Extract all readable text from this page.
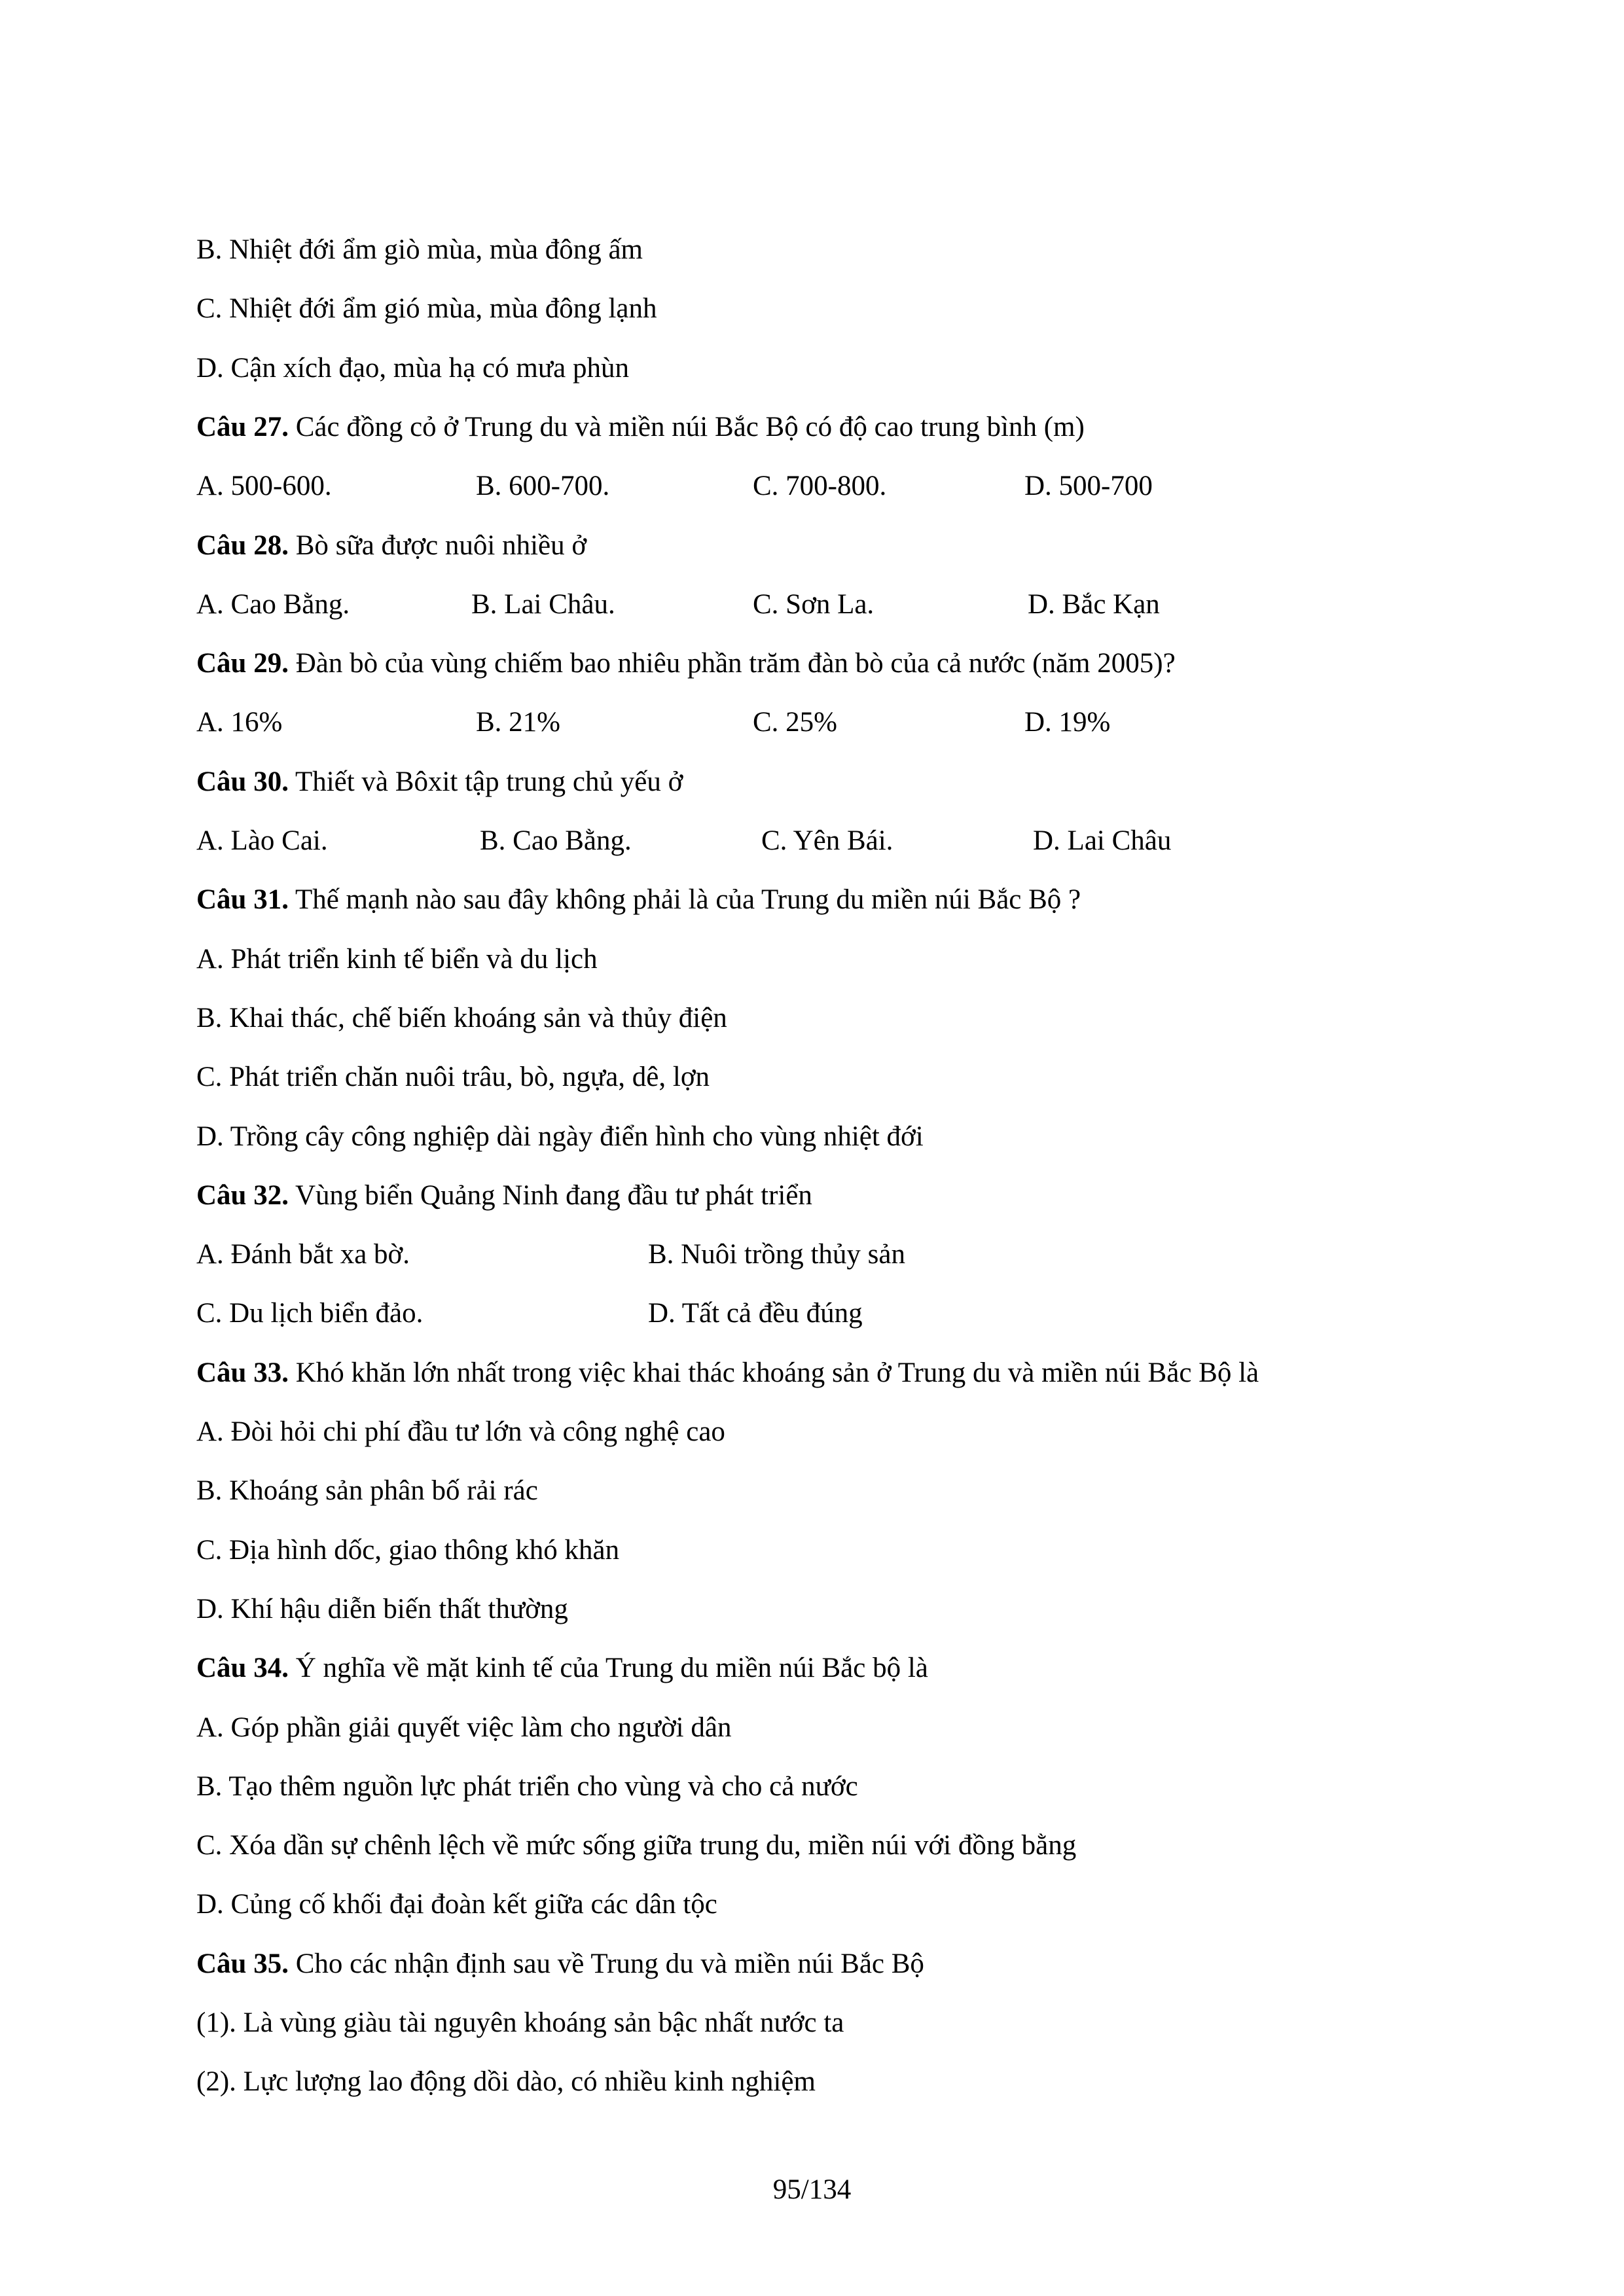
B. Nhiệt đới ẩm giò mùa, mùa đông ấm
C. Nhiệt đới ẩm gió mùa, mùa đông lạnh
D. Cận xích đạo, mùa hạ có mưa phùn
Câu 27. Các đồng cỏ ở Trung du và miền núi Bắc Bộ có độ cao trung bình (m)
A. 500-600.	B. 600-700.	C. 700-800.	D. 500-700
Câu 28. Bò sữa được nuôi nhiều ở
A. Cao Bằng.	B. Lai Châu.	C. Sơn La.	D. Bắc Kạn
Câu 29. Đàn bò của vùng chiếm bao nhiêu phần trăm đàn bò của cả nước (năm 2005)?
A. 16%	B. 21%	C. 25%	D. 19%
Câu 30. Thiết và Bôxit tập trung chủ yếu ở
A. Lào Cai.	B. Cao Bằng.	C. Yên Bái.	D. Lai Châu
Câu 31. Thế mạnh nào sau đây không phải là của Trung du miền núi Bắc Bộ ?
A. Phát triển kinh tế biển và du lịch
B. Khai thác, chế biến khoáng sản và thủy điện
C. Phát triển chăn nuôi trâu, bò, ngựa, dê, lợn
D. Trồng cây công nghiệp dài ngày điển hình cho vùng nhiệt đới
Câu 32. Vùng biển Quảng Ninh đang đầu tư phát triển
A. Đánh bắt xa bờ.	B. Nuôi trồng thủy sản
C. Du lịch biển đảo.	D. Tất cả đều đúng
Câu 33. Khó khăn lớn nhất trong việc khai thác khoáng sản ở Trung du và miền núi Bắc Bộ là
A. Đòi hỏi chi phí đầu tư lớn và công nghệ cao
B. Khoáng sản phân bố rải rác
C. Địa hình dốc, giao thông khó khăn
D. Khí hậu diễn biến thất thường
Câu 34. Ý nghĩa về mặt kinh tế của Trung du miền núi Bắc bộ là
A. Góp phần giải quyết việc làm cho người dân
B. Tạo thêm nguồn lực phát triển cho vùng và cho cả nước
C. Xóa dần sự chênh lệch về mức sống giữa trung du, miền núi với đồng bằng
D. Củng cố khối đại đoàn kết giữa các dân tộc
Câu 35. Cho các nhận định sau về Trung du và miền núi Bắc Bộ
(1). Là vùng giàu tài nguyên khoáng sản bậc nhất nước ta
(2). Lực lượng lao động dồi dào, có nhiều kinh nghiệm
95/134
